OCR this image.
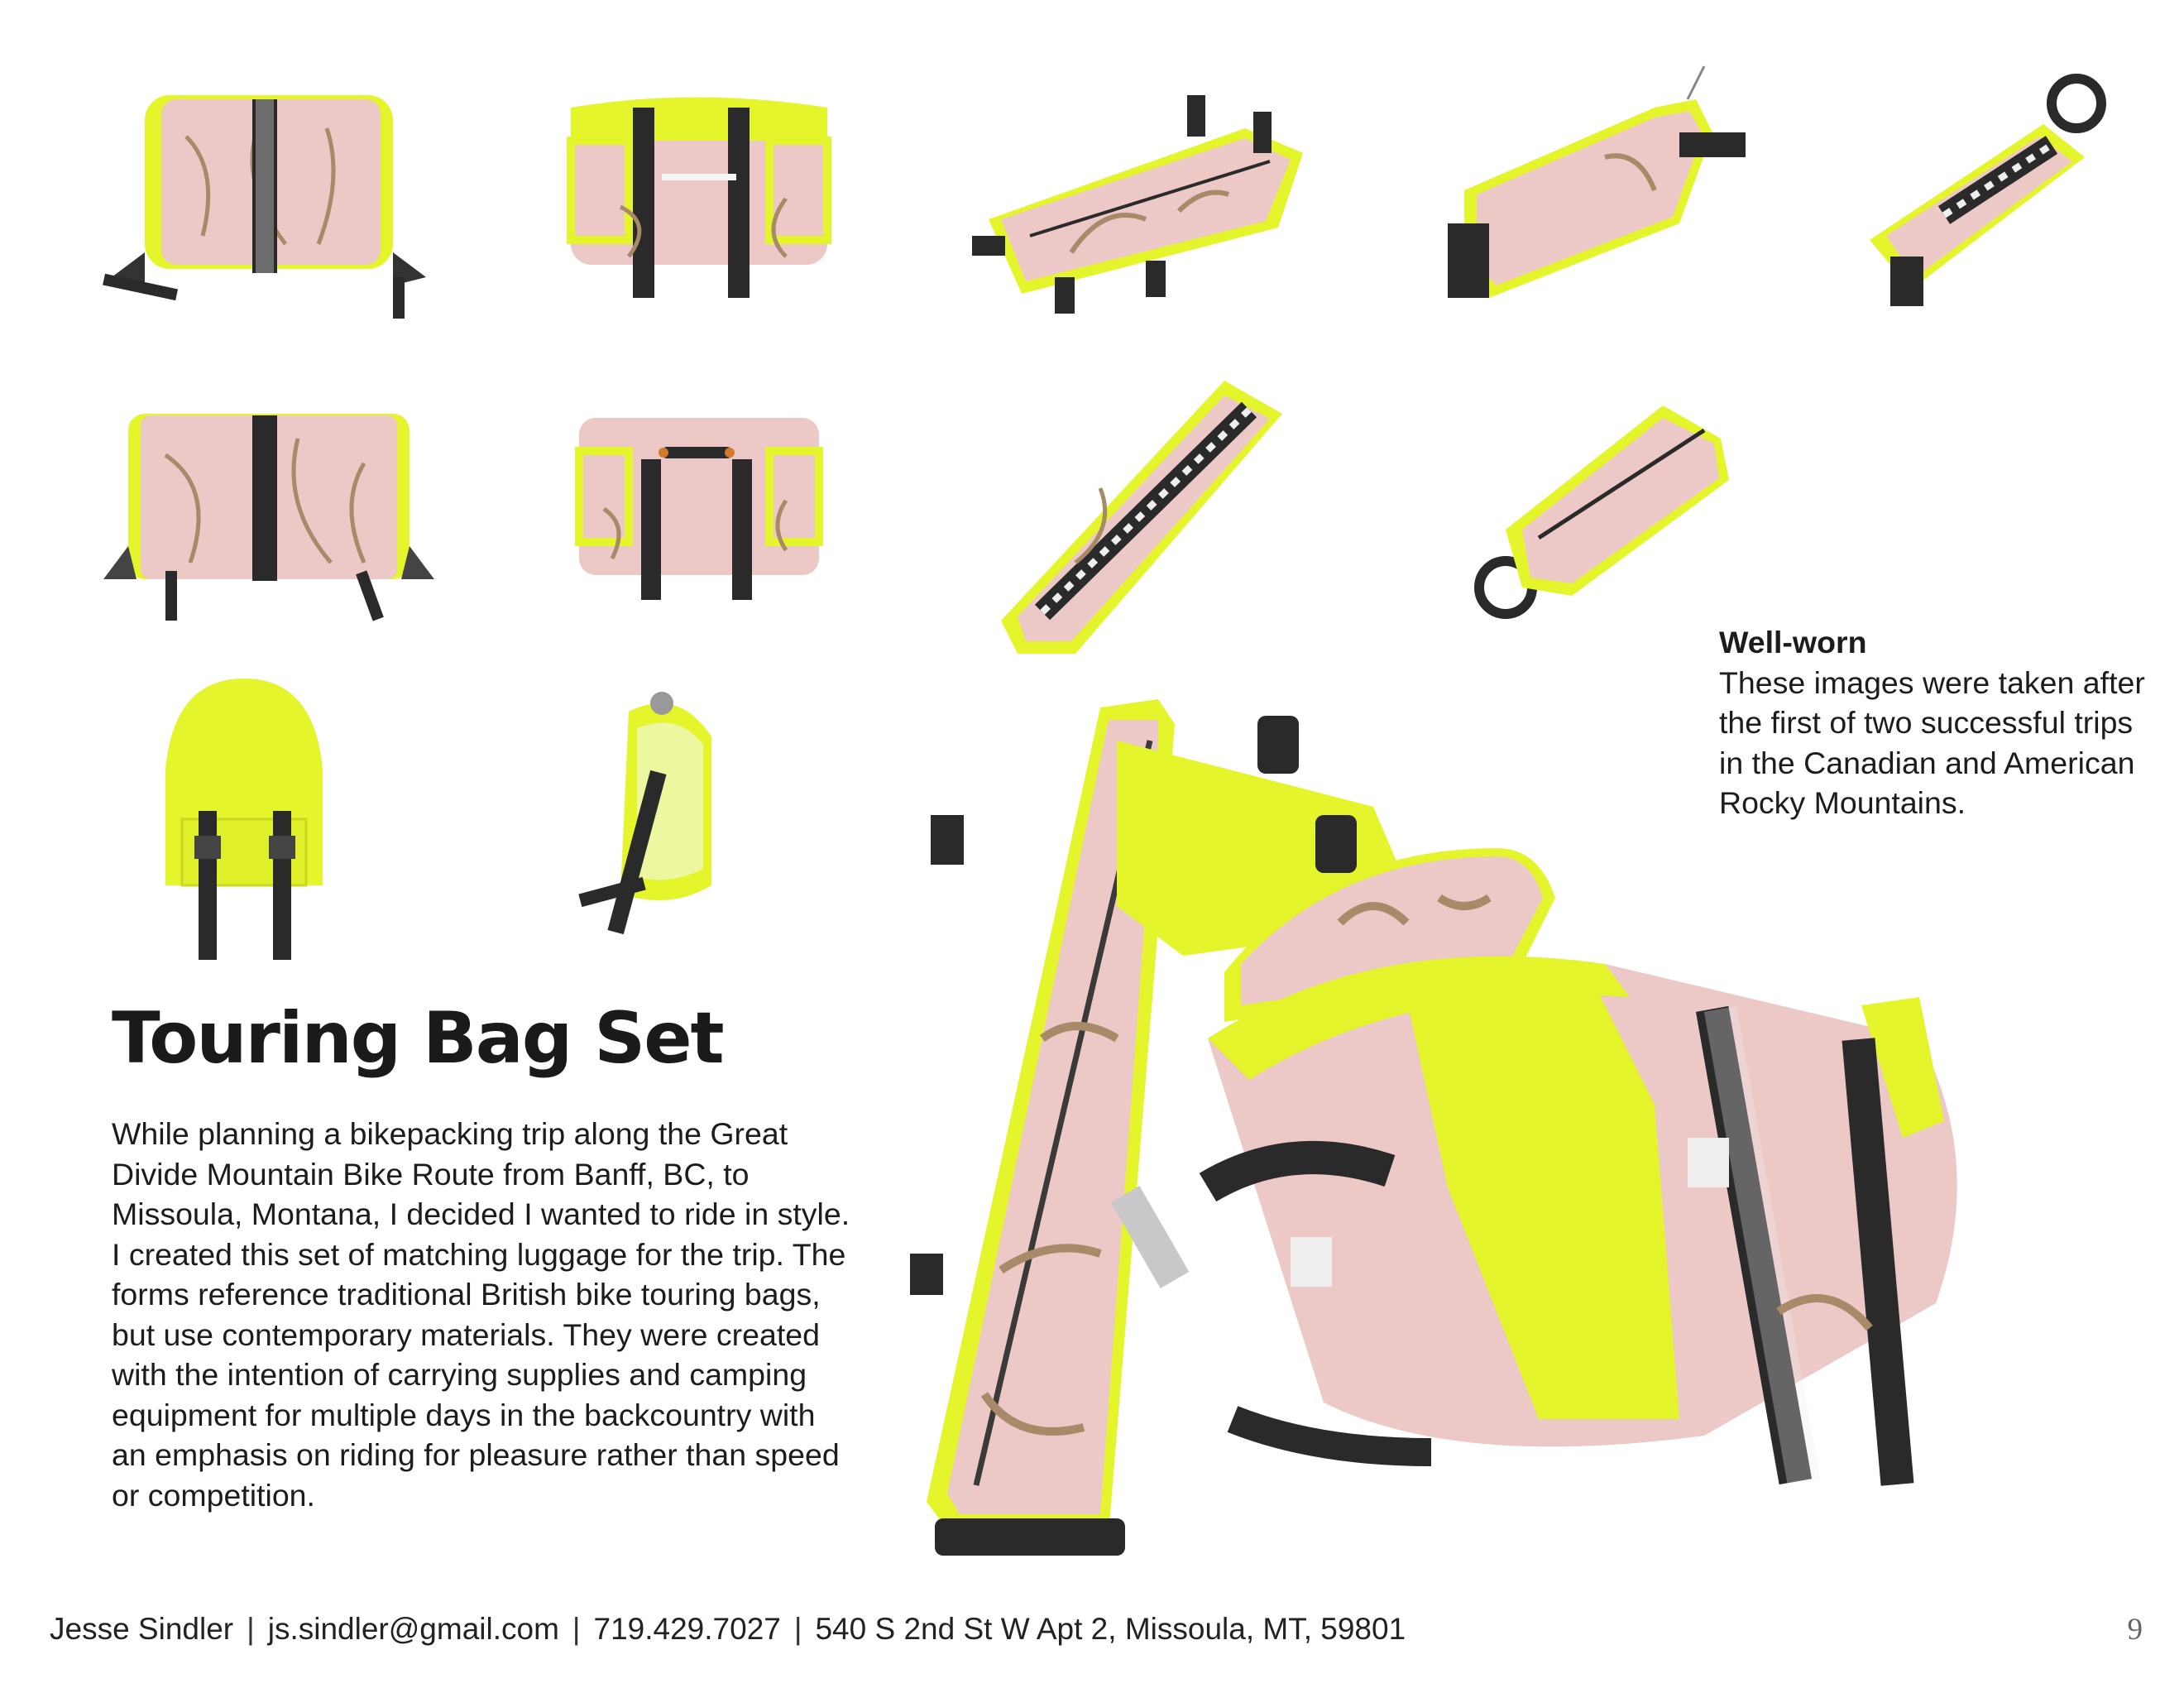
Touring Bag Set

While planning a bikepacking trip along the Great Divide Mountain Bike Route from Banff, BC, to Missoula, Montana, I decided I wanted to ride in style. I created this set of matching luggage for the trip. The forms reference traditional British bike touring bags, but use contemporary materials. They were created with the intention of carrying supplies and camping equipment for multiple days in the backcountry with an emphasis on riding for pleasure rather than speed or competition.

Well-worn
These images were taken after the first of two successful trips in the Canadian and American Rocky Mountains.
Jesse Sindler | js.sindler@gmail.com | 719.429.7027 | 540 S 2nd St W Apt 2, Missoula, MT, 59801	9
